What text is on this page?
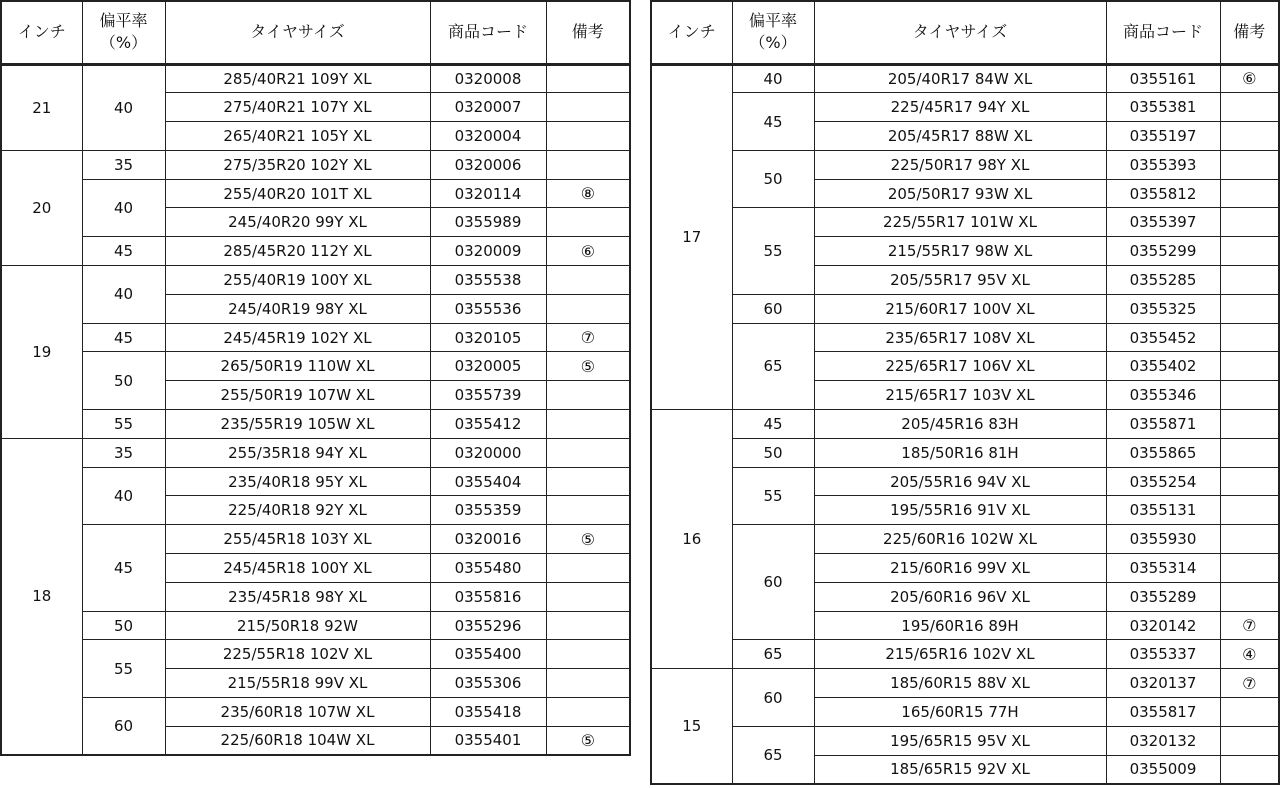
インチ	偏平率
（%）	タイヤサイズ	商品コード	備考
21	40	285/40R21 109Y XL	0320008	
		275/40R21 107Y XL	0320007	
		265/40R21 105Y XL	0320004	
20	35	275/35R20 102Y XL	0320006	
	40	255/40R20 101T XL	0320114	⑧
		245/40R20 99Y XL	0355989	
	45	285/45R20 112Y XL	0320009	⑥
19	40	255/40R19 100Y XL	0355538	
		245/40R19 98Y XL	0355536	
	45	245/45R19 102Y XL	0320105	⑦
	50	265/50R19 110W XL	0320005	⑤
		255/50R19 107W XL	0355739	
	55	235/55R19 105W XL	0355412	
18	35	255/35R18 94Y XL	0320000	
	40	235/40R18 95Y XL	0355404	
		225/40R18 92Y XL	0355359	
	45	255/45R18 103Y XL	0320016	⑤
		245/45R18 100Y XL	0355480	
		235/45R18 98Y XL	0355816	
	50	215/50R18 92W	0355296	
	55	225/55R18 102V XL	0355400	
		215/55R18 99V XL	0355306	
	60	235/60R18 107W XL	0355418	
		225/60R18 104W XL	0355401	⑤
インチ	偏平率
（%）	タイヤサイズ	商品コード	備考
17	40	205/40R17 84W XL	0355161	⑥
	45	225/45R17 94Y XL	0355381	
		205/45R17 88W XL	0355197	
	50	225/50R17 98Y XL	0355393	
		205/50R17 93W XL	0355812	
	55	225/55R17 101W XL	0355397	
		215/55R17 98W XL	0355299	
		205/55R17 95V XL	0355285	
	60	215/60R17 100V XL	0355325	
	65	235/65R17 108V XL	0355452	
		225/65R17 106V XL	0355402	
		215/65R17 103V XL	0355346	
16	45	205/45R16 83H	0355871	
	50	185/50R16 81H	0355865	
	55	205/55R16 94V XL	0355254	
		195/55R16 91V XL	0355131	
	60	225/60R16 102W XL	0355930	
		215/60R16 99V XL	0355314	
		205/60R16 96V XL	0355289	
		195/60R16 89H	0320142	⑦
	65	215/65R16 102V XL	0355337	④
15	60	185/60R15 88V XL	0320137	⑦
		165/60R15 77H	0355817	
	65	195/65R15 95V XL	0320132	
		185/65R15 92V XL	0355009	
